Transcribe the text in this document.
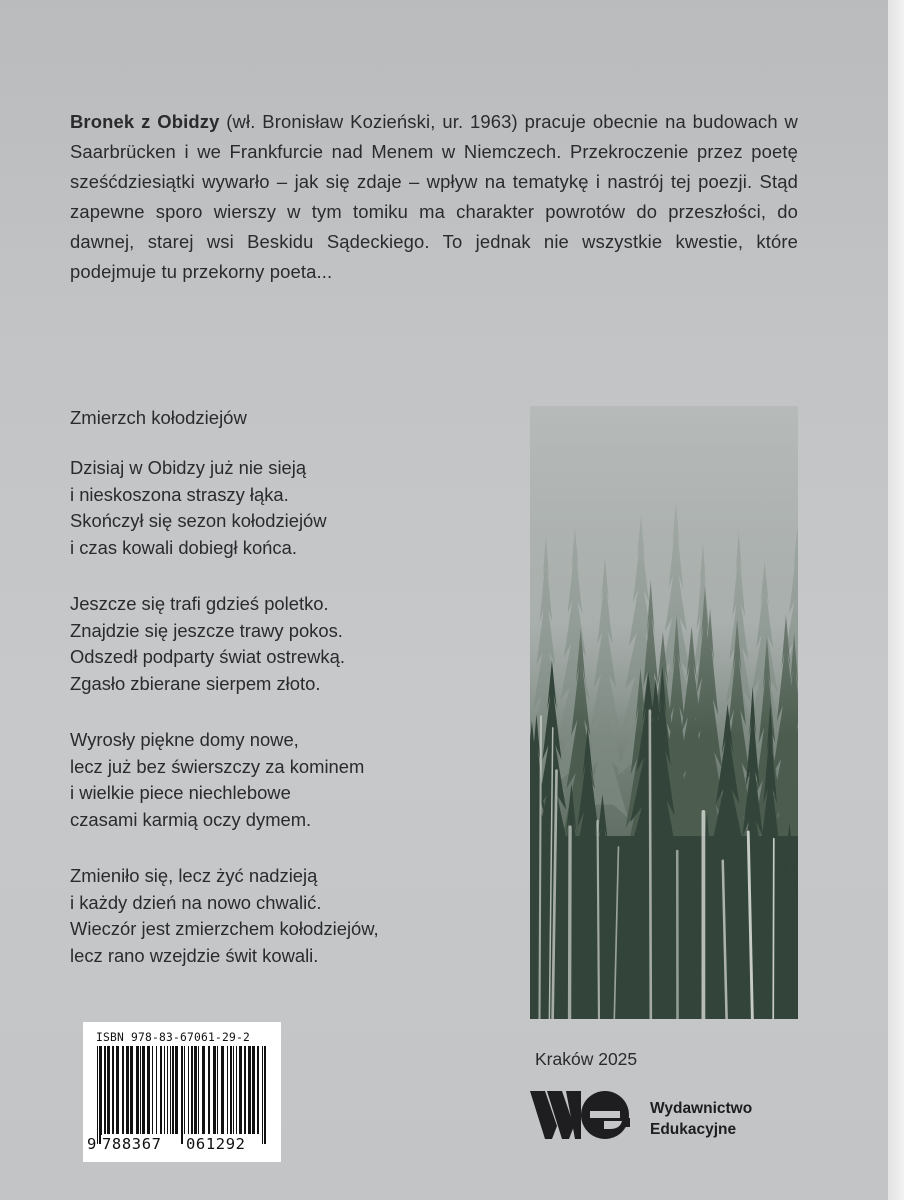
Bronek z Obidzy (wł. Bronisław Kozieński, ur. 1963) pracuje obecnie na budowach w Saarbrücken i we Frankfurcie nad Menem w Niemczech. Przekroczenie przez poetę sześćdziesiątki wywarło – jak się zdaje – wpływ na tematykę i nastrój tej poezji. Stąd zapewne sporo wierszy w tym tomiku ma charakter powrotów do przeszłości, do dawnej, starej wsi Beskidu Sądeckiego. To jednak nie wszystkie kwestie, które podejmuje tu przekorny poeta...

Zmierzch kołodziejów
Dzisiaj w Obidzy już nie sieją
i nieskoszona straszy łąka.
Skończył się sezon kołodziejów
i czas kowali dobiegł końca.
Jeszcze się trafi gdzieś poletko.
Znajdzie się jeszcze trawy pokos.
Odszedł podparty świat ostrewką.
Zgasło zbierane sierpem złoto.
Wyrosły piękne domy nowe,
lecz już bez świerszczy za kominem
i wielkie piece niechlebowe
czasami karmią oczy dymem.
Zmieniło się, lecz żyć nadzieją
i każdy dzień na nowo chwalić.
Wieczór jest zmierzchem kołodziejów,
lecz rano wzejdzie świt kowali.
ISBN 978-83-67061-29-2
9 788367 061292
Kraków 2025
Wydawnictwo
Edukacyjne
